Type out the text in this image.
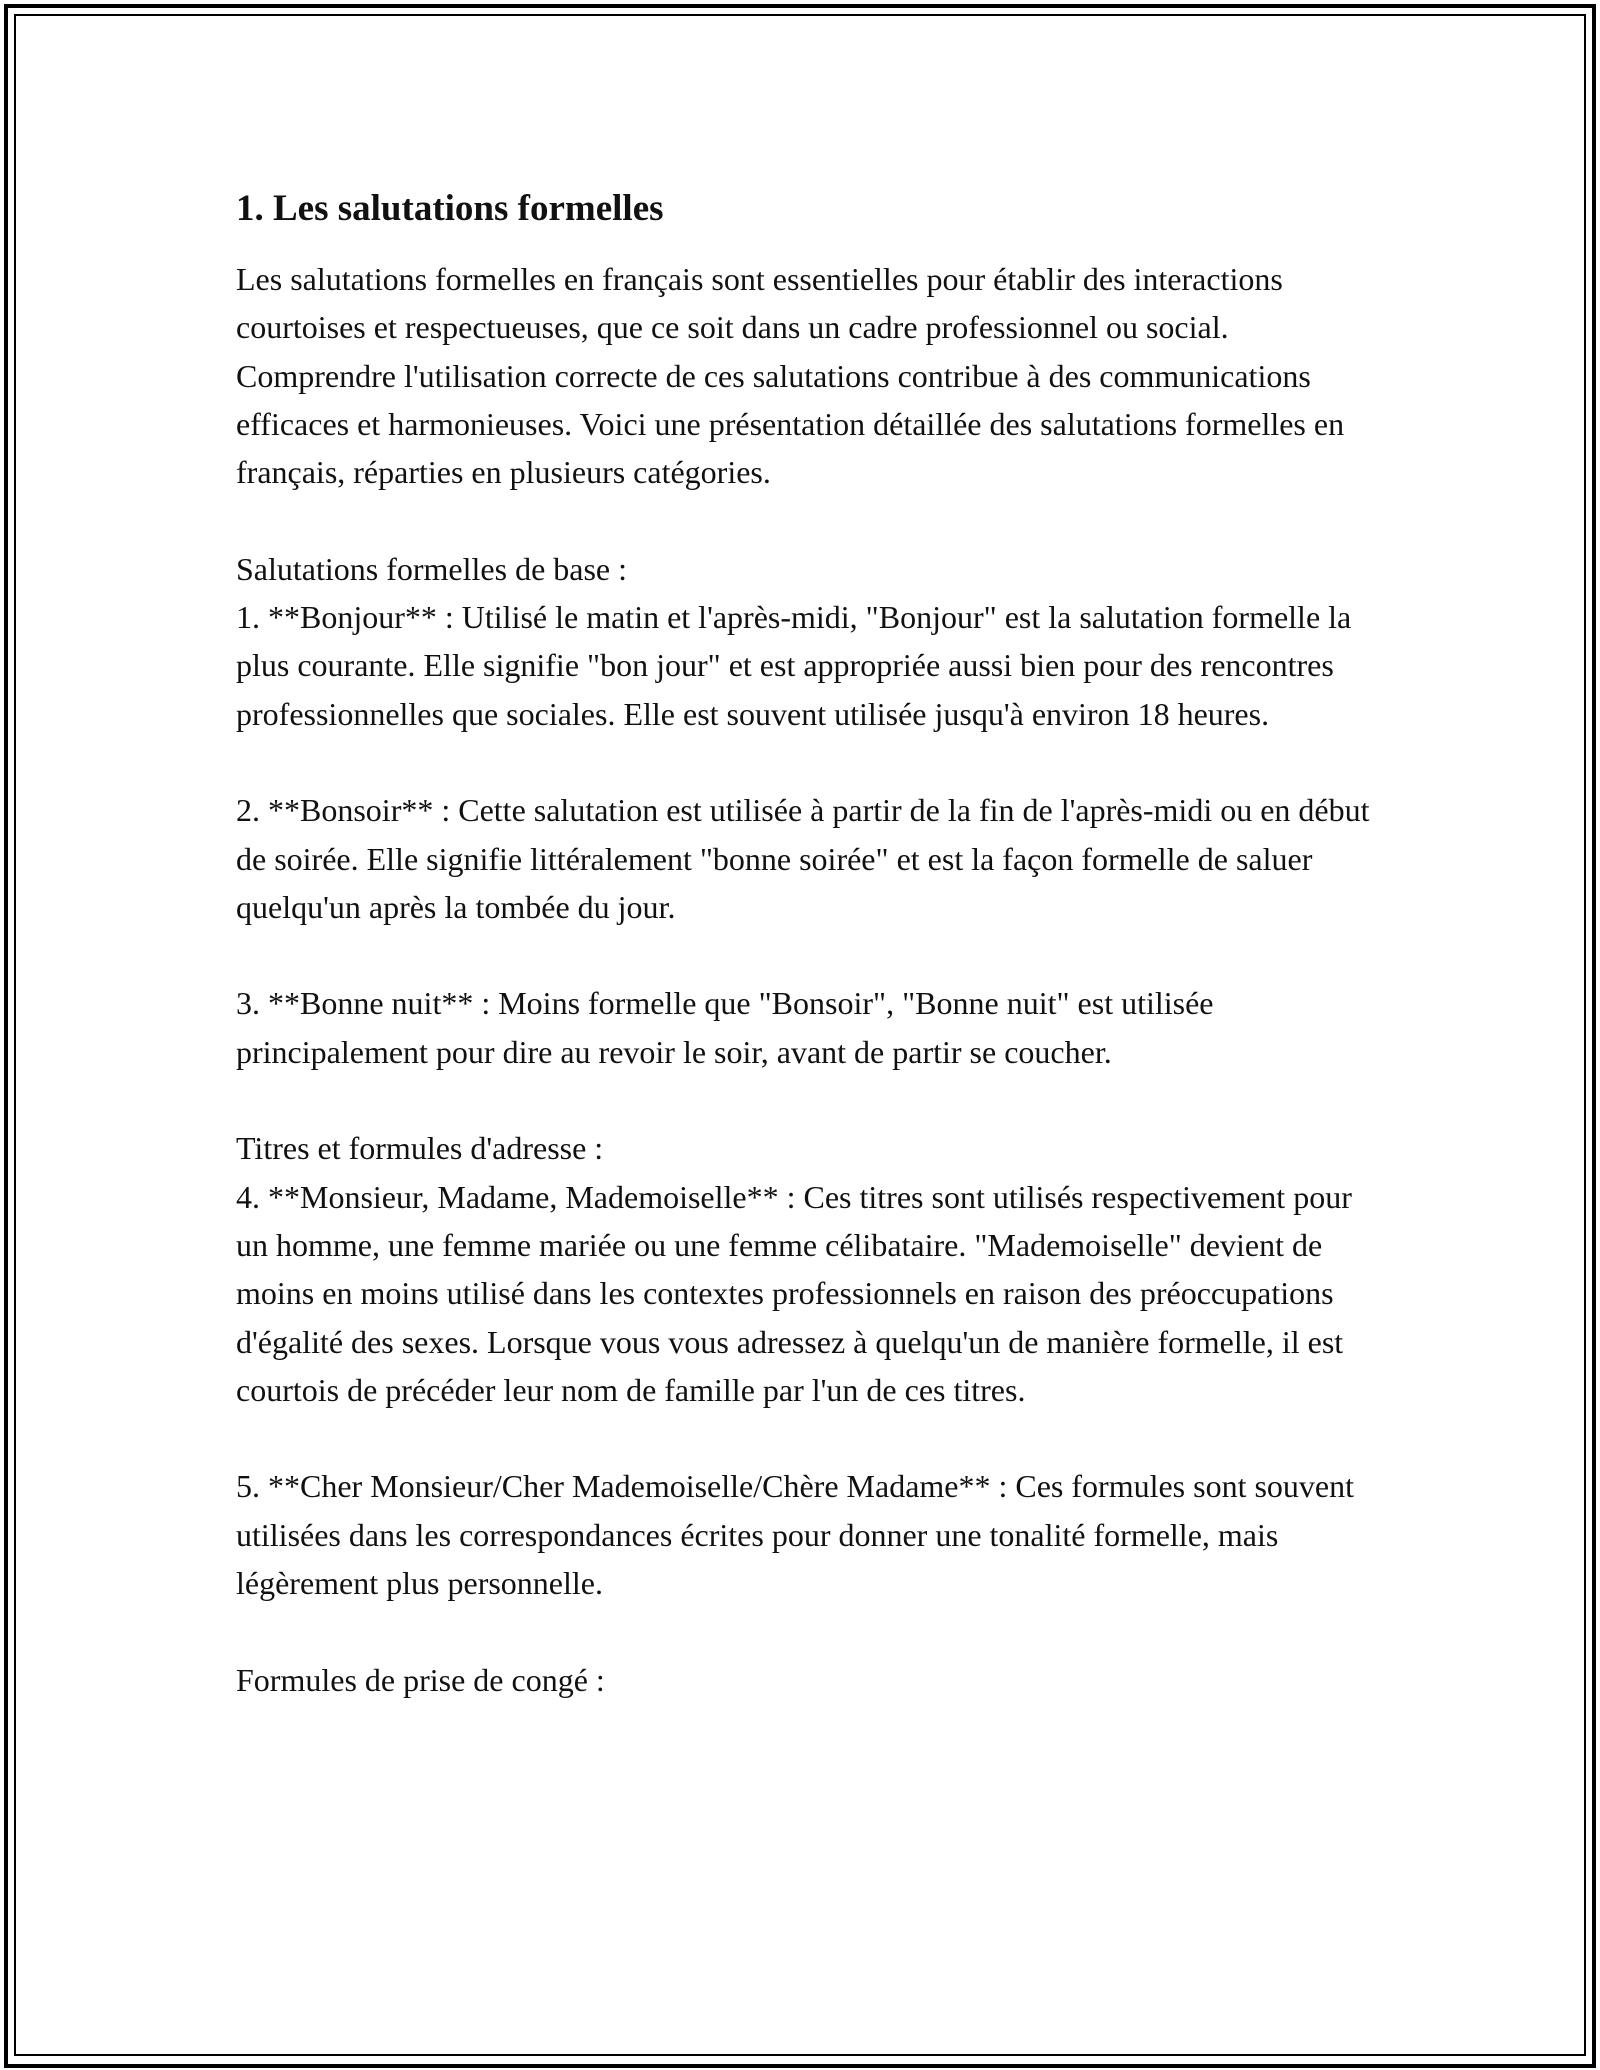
1. Les salutations formelles

Les salutations formelles en français sont essentielles pour établir des interactions courtoises et respectueuses, que ce soit dans un cadre professionnel ou social. Comprendre l'utilisation correcte de ces salutations contribue à des communications efficaces et harmonieuses. Voici une présentation détaillée des salutations formelles en français, réparties en plusieurs catégories.

Salutations formelles de base :

1. **Bonjour** : Utilisé le matin et l'après-midi, "Bonjour" est la salutation formelle la plus courante. Elle signifie "bon jour" et est appropriée aussi bien pour des rencontres professionnelles que sociales. Elle est souvent utilisée jusqu'à environ 18 heures.

2. **Bonsoir** : Cette salutation est utilisée à partir de la fin de l'après-midi ou en début de soirée. Elle signifie littéralement "bonne soirée" et est la façon formelle de saluer quelqu'un après la tombée du jour.

3. **Bonne nuit** : Moins formelle que "Bonsoir", "Bonne nuit" est utilisée principalement pour dire au revoir le soir, avant de partir se coucher.

Titres et formules d'adresse :

4. **Monsieur, Madame, Mademoiselle** : Ces titres sont utilisés respectivement pour un homme, une femme mariée ou une femme célibataire. "Mademoiselle" devient de moins en moins utilisé dans les contextes professionnels en raison des préoccupations d'égalité des sexes. Lorsque vous vous adressez à quelqu'un de manière formelle, il est courtois de précéder leur nom de famille par l'un de ces titres.

5. **Cher Monsieur/Cher Mademoiselle/Chère Madame** : Ces formules sont souvent utilisées dans les correspondances écrites pour donner une tonalité formelle, mais légèrement plus personnelle.

Formules de prise de congé :
